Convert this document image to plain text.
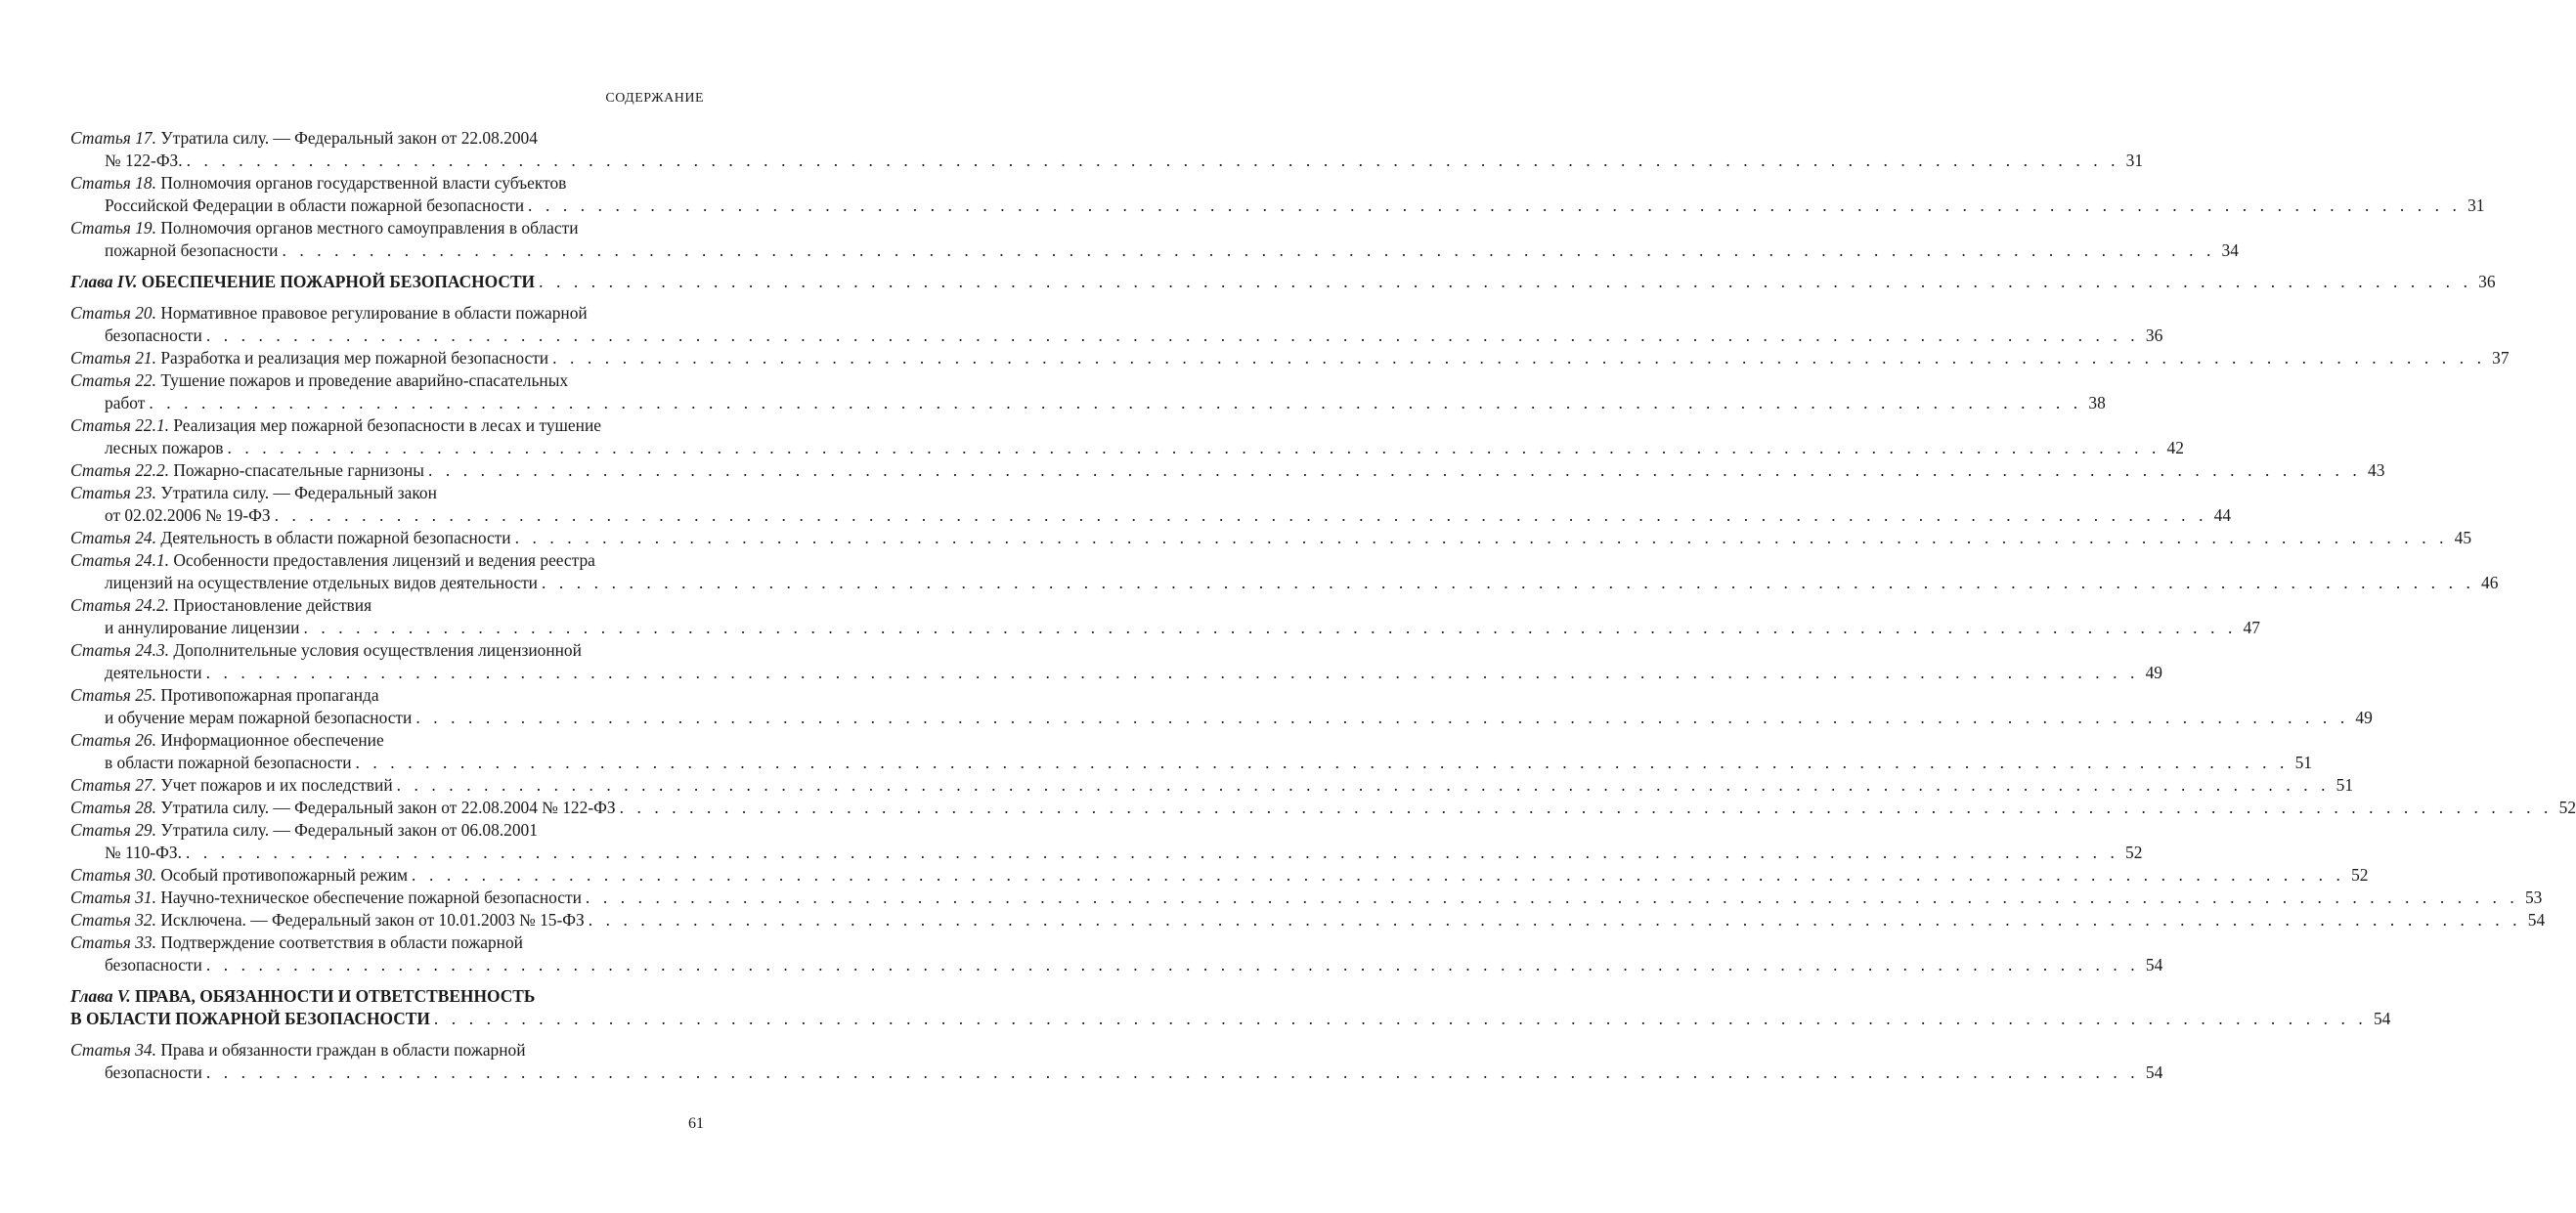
СОДЕРЖАНИЕ
Статья 17. Утратила силу. — Федеральный закон от 22.08.2004
№ 122-ФЗ. . . .	31
Статья 18. Полномочия органов государственной власти субъектов
Российской Федерации в области пожарной безопасности . . .	31
Статья 19. Полномочия органов местного самоуправления в области
пожарной безопасности . . .	34
Глава IV. ОБЕСПЕЧЕНИЕ ПОЖАРНОЙ БЕЗОПАСНОСТИ . . .	36
Статья 20. Нормативное правовое регулирование в области пожарной
безопасности . . .	36
Статья 21. Разработка и реализация мер пожарной безопасности . . .	37
Статья 22. Тушение пожаров и проведение аварийно-спасательных
работ . . .	38
Статья 22.1. Реализация мер пожарной безопасности в лесах и тушение
лесных пожаров . . .	42
Статья 22.2. Пожарно-спасательные гарнизоны . . .	43
Статья 23. Утратила силу. — Федеральный закон
от 02.02.2006 № 19-ФЗ . . .	44
Статья 24. Деятельность в области пожарной безопасности . . .	45
Статья 24.1. Особенности предоставления лицензий и ведения реестра
лицензий на осуществление отдельных видов деятельности . . .	46
Статья 24.2. Приостановление действия
и аннулирование лицензии . . .	47
Статья 24.3. Дополнительные условия осуществления лицензионной
деятельности . . .	49
Статья 25. Противопожарная пропаганда
и обучение мерам пожарной безопасности . . .	49
Статья 26. Информационное обеспечение
в области пожарной безопасности . . .	51
Статья 27. Учет пожаров и их последствий . . .	51
Статья 28. Утратила силу. — Федеральный закон от 22.08.2004 № 122-ФЗ . . .	52
Статья 29. Утратила силу. — Федеральный закон от 06.08.2001
№ 110-ФЗ. . . .	52
Статья 30. Особый противопожарный режим . . .	52
Статья 31. Научно-техническое обеспечение пожарной безопасности . . .	53
Статья 32. Исключена. — Федеральный закон от 10.01.2003 № 15-ФЗ . . .	54
Статья 33. Подтверждение соответствия в области пожарной
безопасности . . .	54
Глава V. ПРАВА, ОБЯЗАННОСТИ И ОТВЕТСТВЕННОСТЬ
В ОБЛАСТИ ПОЖАРНОЙ БЕЗОПАСНОСТИ . . .	54
Статья 34. Права и обязанности граждан в области пожарной
безопасности . . .	54
61
